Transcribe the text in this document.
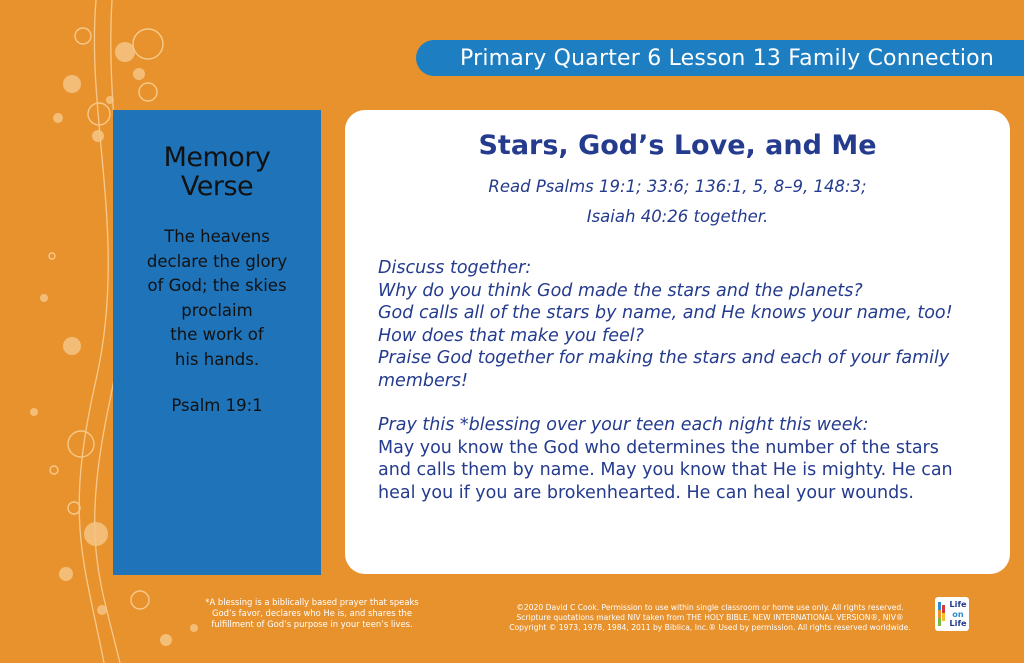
Primary Quarter 6 Lesson 13 Family Connection
Memory
Verse
The heavens
declare the glory
of God; the skies
proclaim
the work of
his hands.
Psalm 19:1
Stars, God’s Love, and Me
Read Psalms 19:1; 33:6; 136:1, 5, 8–9, 148:3;
Isaiah 40:26 together.
Discuss together:
Why do you think God made the stars and the planets?
God calls all of the stars by name, and He knows your name, too!
How does that make you feel?
Praise God together for making the stars and each of your family
members!
Pray this *blessing over your teen each night this week:
May you know the God who determines the number of the stars
and calls them by name. May you know that He is mighty. He can
heal you if you are brokenhearted. He can heal your wounds.
*A blessing is a biblically based prayer that speaks
God’s favor, declares who He is, and shares the
fulfillment of God’s purpose in your teen’s lives.
©2020 David C Cook. Permission to use within single classroom or home use only. All rights reserved.
Scripture quotations marked NIV taken from THE HOLY BIBLE, NEW INTERNATIONAL VERSION®, NIV®
Copyright © 1973, 1978, 1984, 2011 by Biblica, Inc.® Used by permission. All rights reserved worldwide.
Life
on
Life
